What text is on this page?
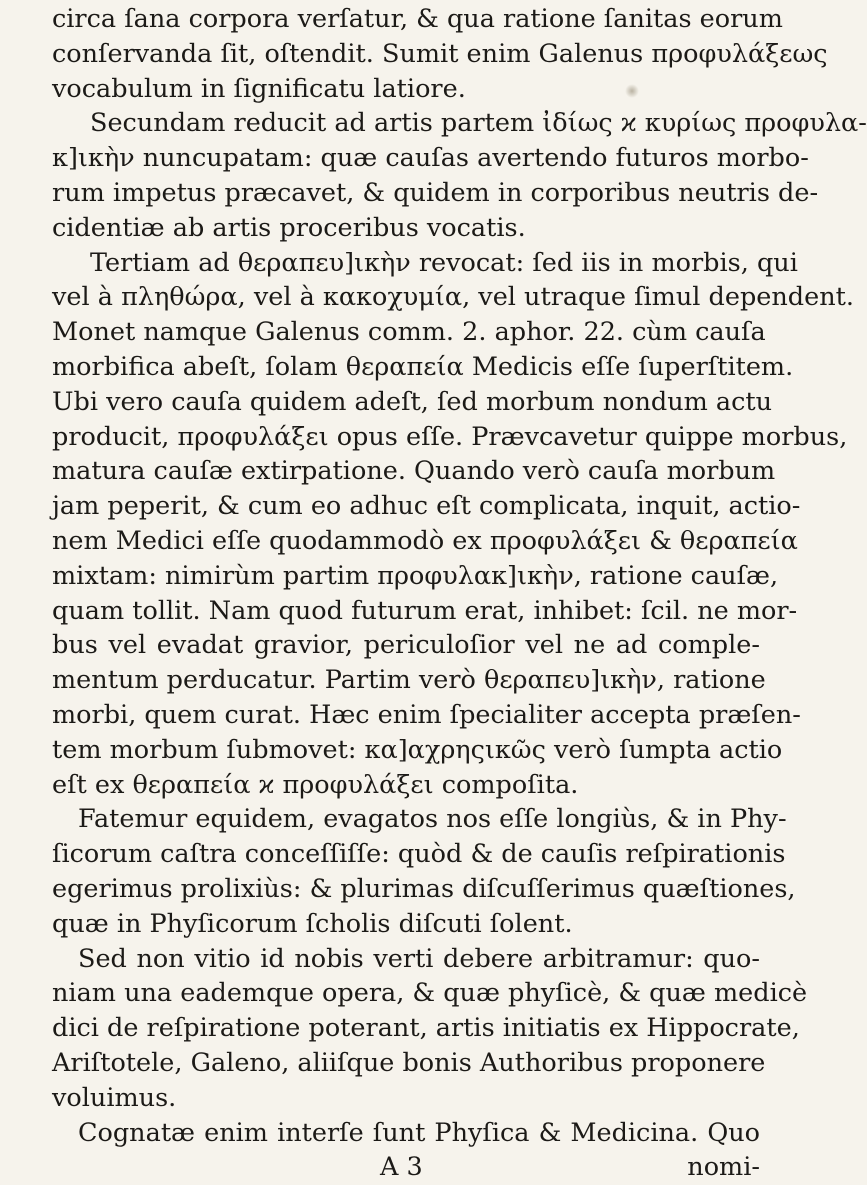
circa ſana corpora verſatur, & qua ratione ſanitas eorum
conſervanda ſit, oſtendit. Sumit enim Galenus προφυλάξεως
vocabulum in ſignificatu latiore.
Secundam reducit ad artis partem ἰδίως ϰ κυρίως προφυλα-
κ]ικὴν nuncupatam: quæ cauſas avertendo futuros morbo-
rum impetus præcavet, & quidem in corporibus neutris de-
cidentiæ ab artis proceribus vocatis.
Tertiam ad θεραπευ]ικὴν revocat: ſed iis in morbis, qui
vel à πληθώρα, vel à κακοχυμία, vel utraque ſimul dependent.
Monet namque Galenus comm. 2. aphor. 22. cùm cauſa
morbifica abeſt, ſolam θεραπεία Medicis eſſe ſuperſtitem.
Ubi vero cauſa quidem adeſt, ſed morbum nondum actu
producit, προφυλάξει opus eſſe. Prævcavetur quippe morbus,
matura cauſæ extirpatione. Quando verò cauſa morbum
jam peperit, & cum eo adhuc eſt complicata, inquit, actio-
nem Medici eſſe quodammodò ex προφυλάξει & θεραπεία
mixtam: nimirùm partim προφυλακ]ικὴν, ratione cauſæ,
quam tollit. Nam quod futurum erat, inhibet: ſcil. ne mor-
bus vel evadat gravior, periculoſior vel ne ad comple-
mentum perducatur. Partim verò θεραπευ]ικὴν, ratione
morbi, quem curat. Hæc enim ſpecialiter accepta præſen-
tem morbum ſubmovet: κα]αχρηςικῶς verò ſumpta actio
eſt ex θεραπεία ϰ προφυλάξει compoſita.
Fatemur equidem, evagatos nos eſſe longiùs, & in Phy-
ſicorum caſtra conceſſiſſe: quòd & de cauſis reſpirationis
egerimus prolixiùs: & plurimas diſcuſſerimus quæſtiones,
quæ in Phyſicorum ſcholis diſcuti ſolent.
Sed non vitio id nobis verti debere arbitramur: quo-
niam una eademque opera, & quæ phyſicè, & quæ medicè
dici de reſpiratione poterant, artis initiatis ex Hippocrate,
Ariſtotele, Galeno, aliiſque bonis Authoribus proponere
voluimus.
Cognatæ enim interſe ſunt Phyſica & Medicina. Quo
A 3	nomi-
